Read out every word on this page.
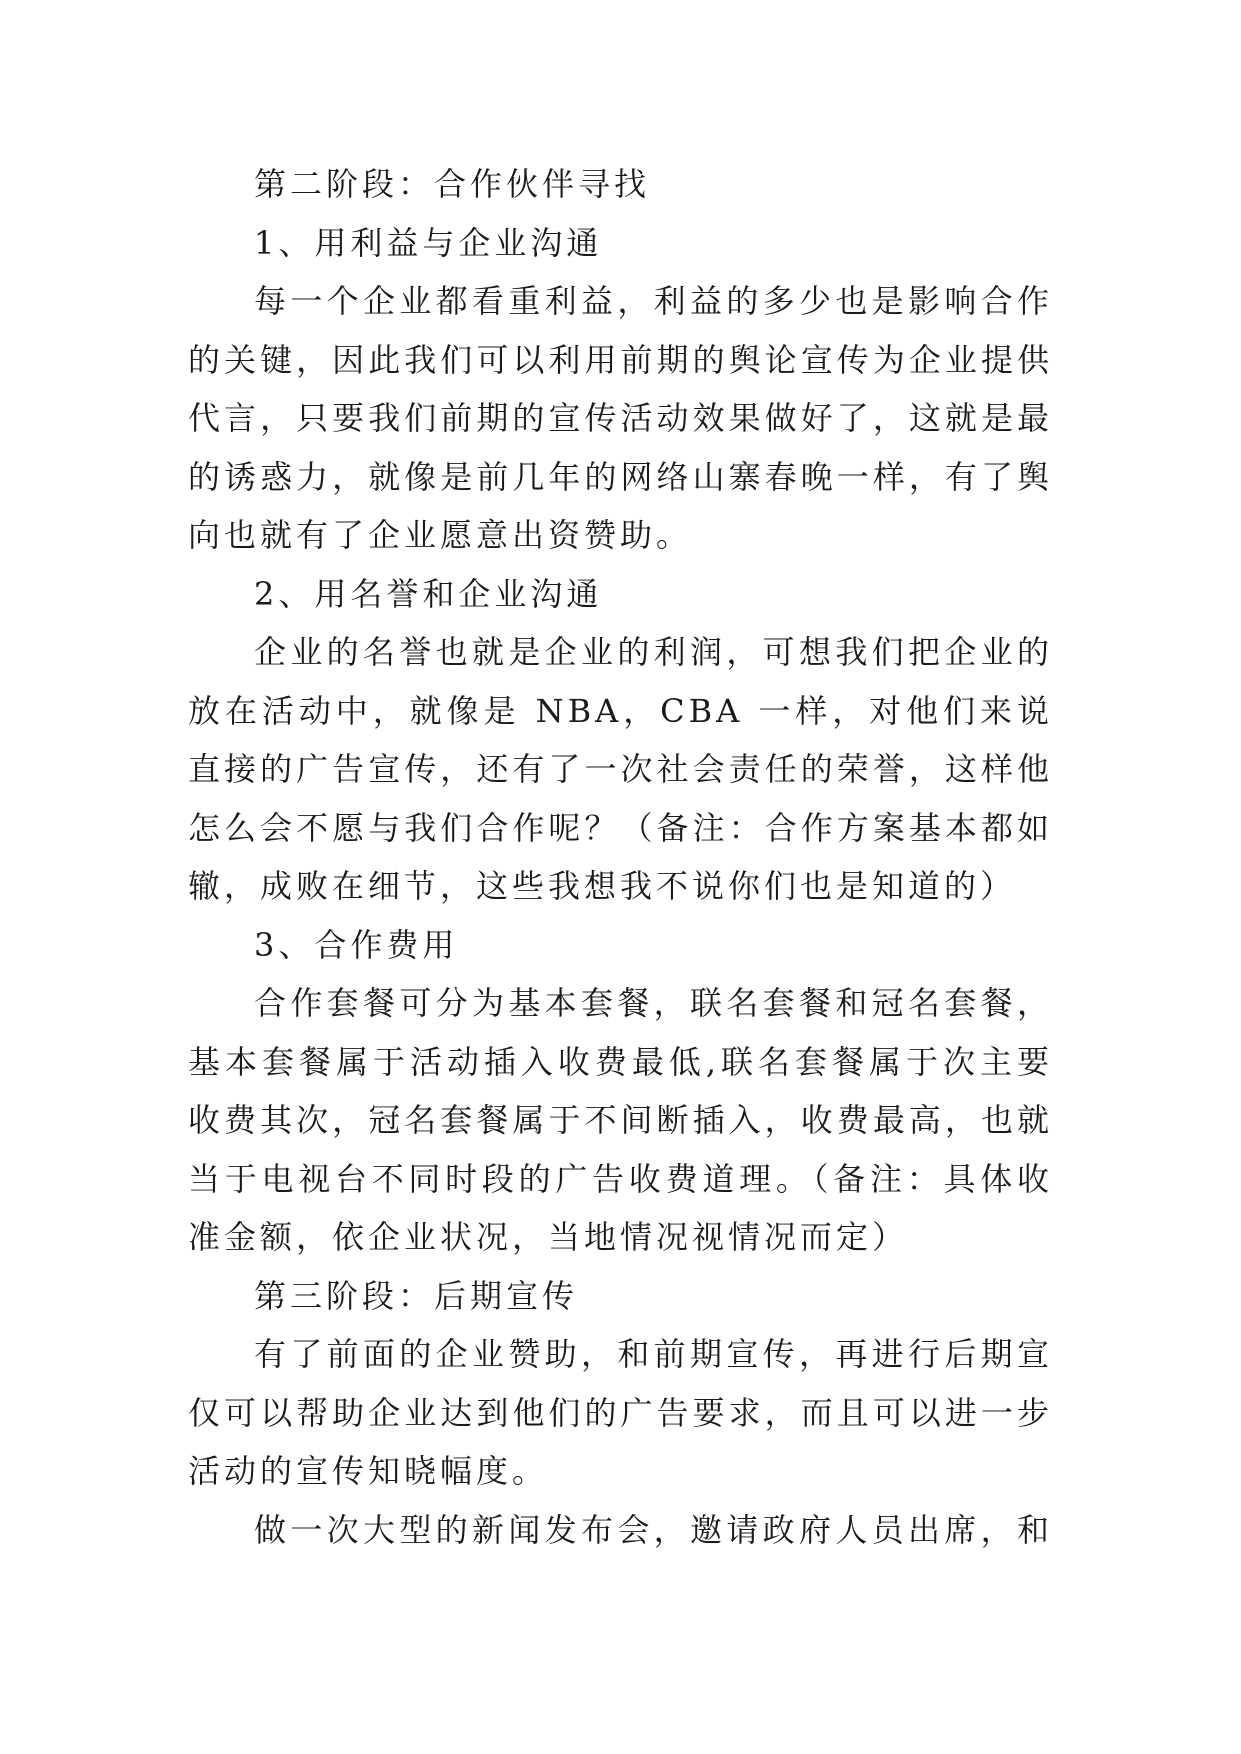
第二阶段：合作伙伴寻找
1、用利益与企业沟通
每一个企业都看重利益，利益的多少也是影响合作
的关键，因此我们可以利用前期的舆论宣传为企业提供
代言，只要我们前期的宣传活动效果做好了，这就是最
的诱惑力，就像是前几年的网络山寨春晚一样，有了舆
向也就有了企业愿意出资赞助。
2、用名誉和企业沟通
企业的名誉也就是企业的利润，可想我们把企业的
放在活动中，就像是 NBA，CBA 一样，对他们来说
直接的广告宣传，还有了一次社会责任的荣誉，这样他
怎么会不愿与我们合作呢？（备注：合作方案基本都如
辙，成败在细节，这些我想我不说你们也是知道的）
3、合作费用
合作套餐可分为基本套餐，联名套餐和冠名套餐，
基本套餐属于活动插入收费最低,联名套餐属于次主要
收费其次，冠名套餐属于不间断插入，收费最高，也就
当于电视台不同时段的广告收费道理。（备注：具体收
准金额，依企业状况，当地情况视情况而定）
第三阶段：后期宣传
有了前面的企业赞助，和前期宣传，再进行后期宣
仅可以帮助企业达到他们的广告要求，而且可以进一步
活动的宣传知晓幅度。
做一次大型的新闻发布会，邀请政府人员出席，和
